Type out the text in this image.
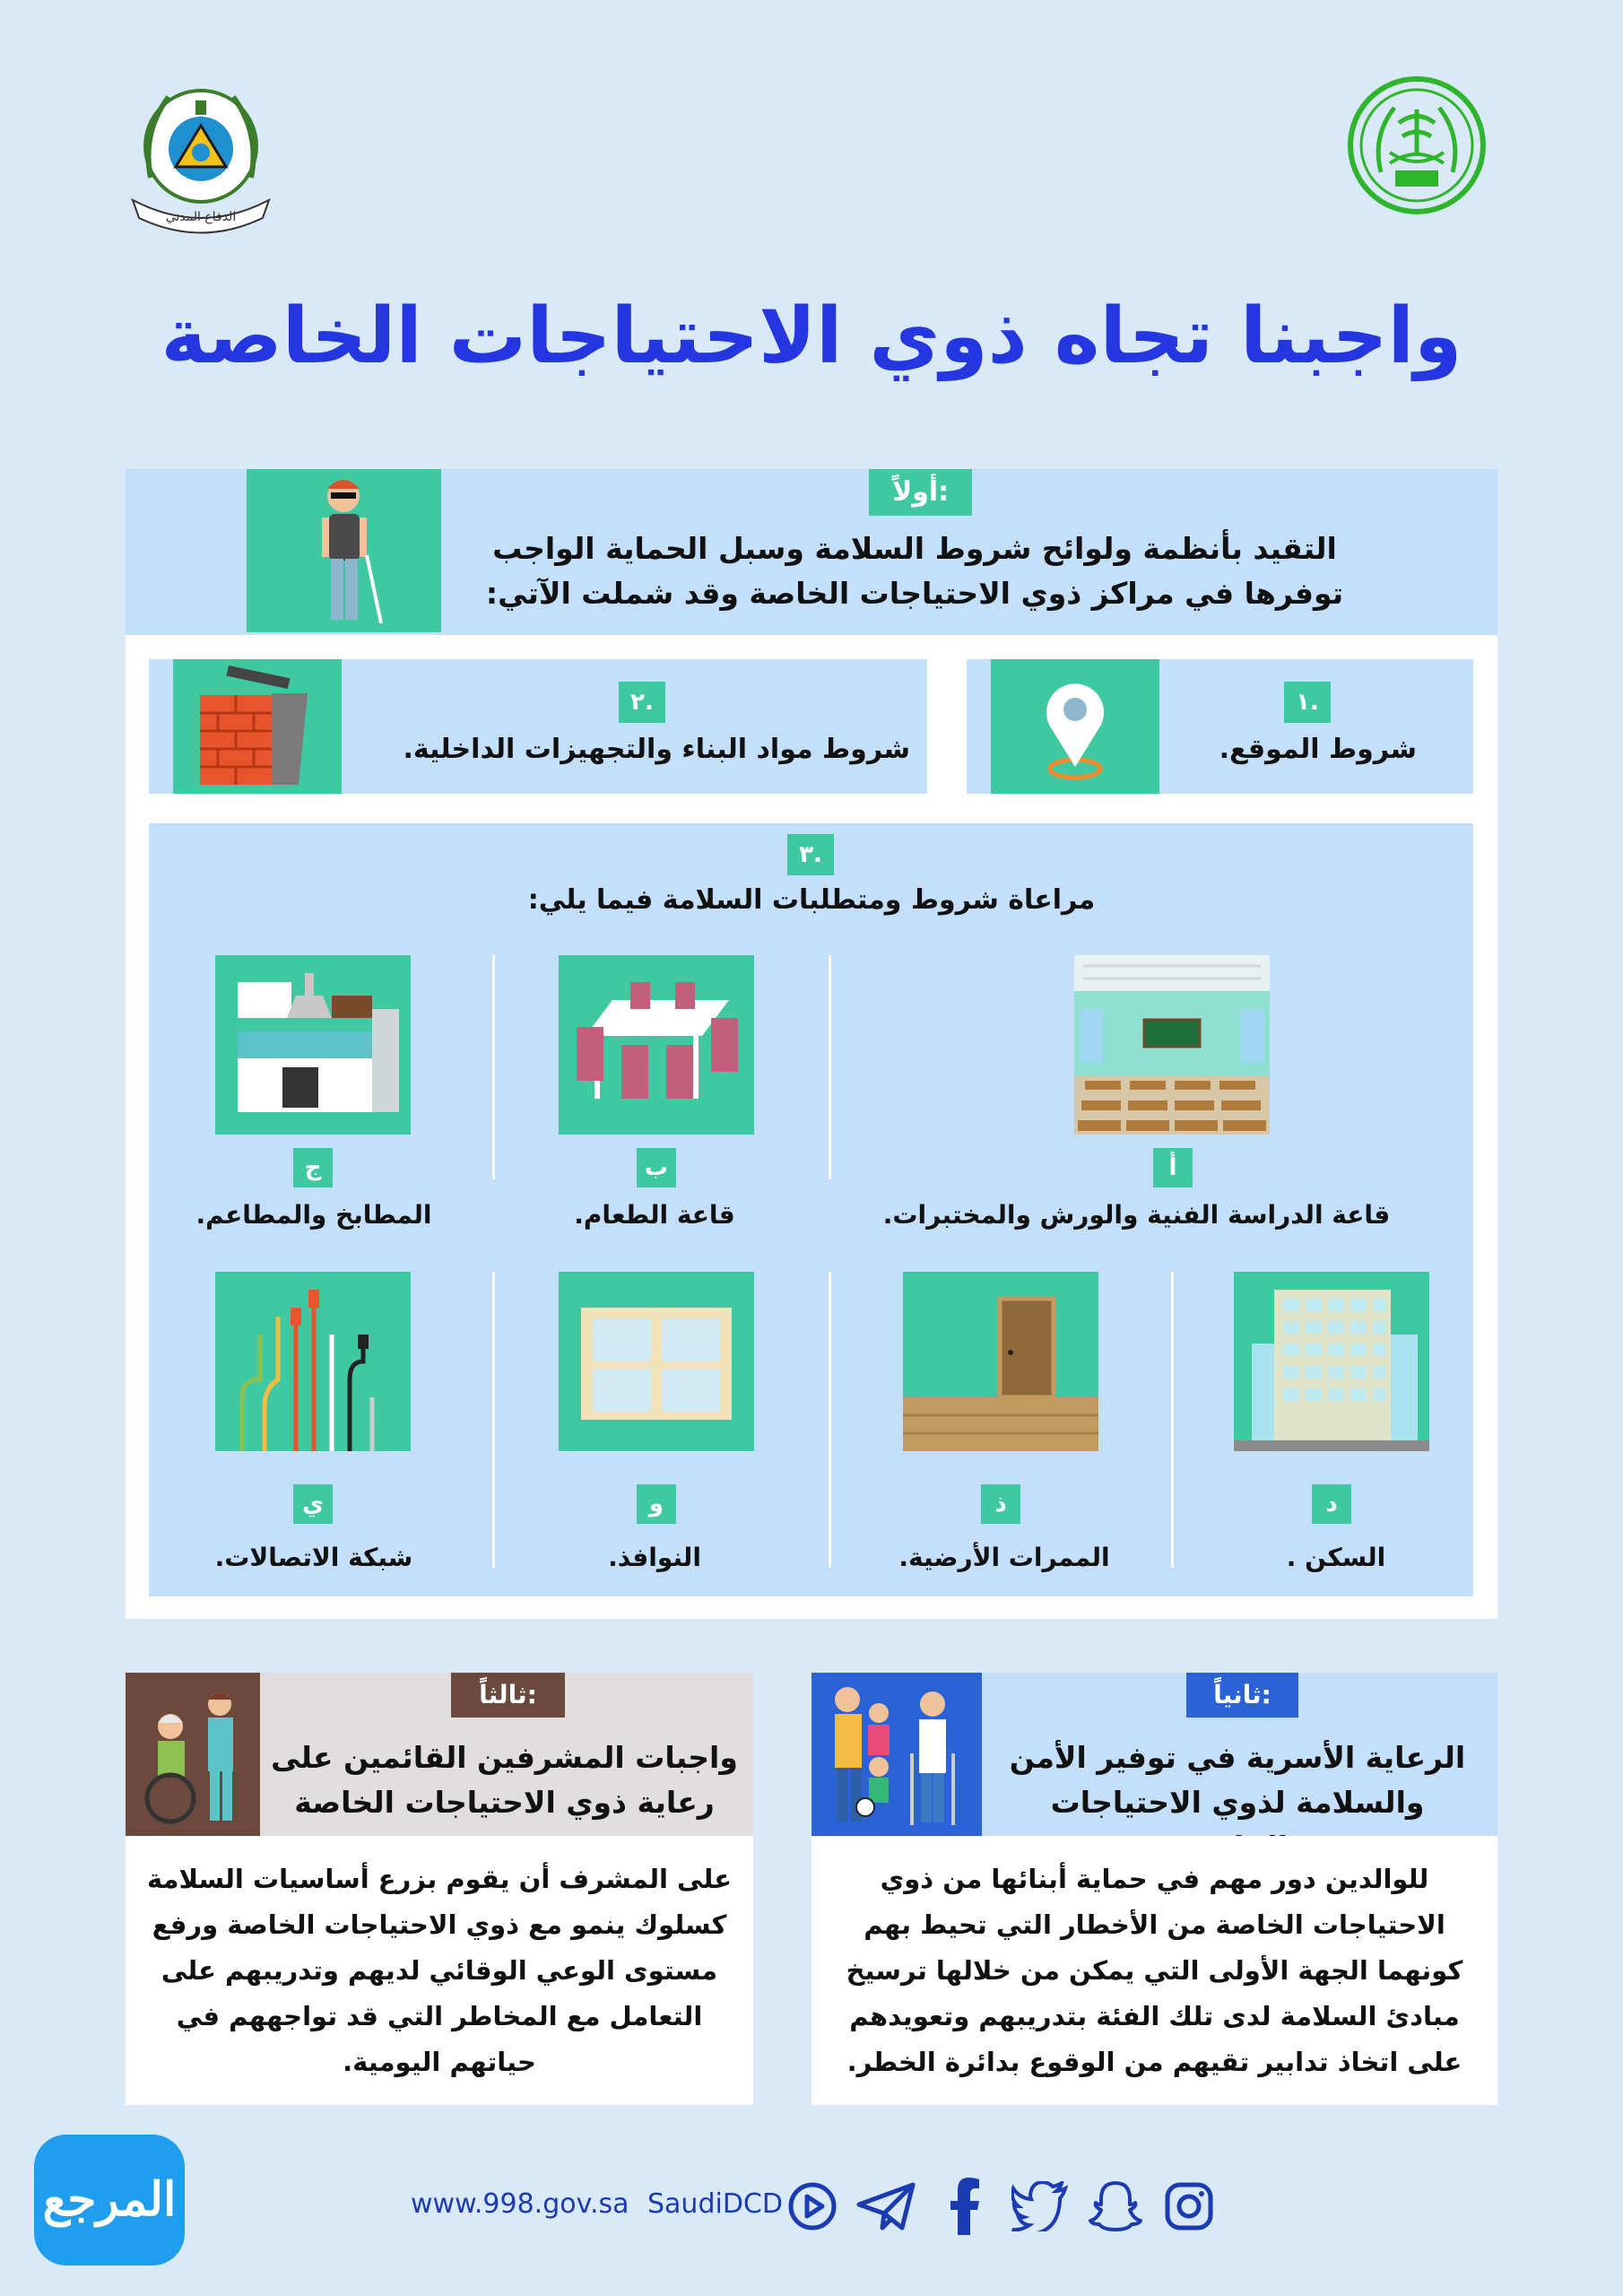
الدفاع المدني
واجبنا تجاه ذوي الاحتياجات الخاصة
أولاً:
التقيد بأنظمة ولوائح شروط السلامة وسبل الحماية الواجب
توفرها في مراكز ذوي الاحتياجات الخاصة وقد شملت الآتي:
١.
شروط الموقع.
٢.
شروط مواد البناء والتجهيزات الداخلية.
٣.
مراعاة شروط ومتطلبات السلامة فيما يلي:
أ
ب
ج
قاعة الدراسة الفنية والورش والمختبرات.
قاعة الطعام.
المطابخ والمطاعم.
د
ذ
و
ي
السكن .
الممرات الأرضية.
النوافذ.
شبكة الاتصالات.
ثانياً:
الرعاية الأسرية في توفير الأمن
والسلامة لذوي الاحتياجات
للوالدين دور مهم في حماية أبنائها من ذوي
الاحتياجات الخاصة من الأخطار التي تحيط بهم
كونهما الجهة الأولى التي يمكن من خلالها ترسيخ
مبادئ السلامة لدى تلك الفئة بتدريبهم وتعويدهم
على اتخاذ تدابير تقيهم من الوقوع بدائرة الخطر.
ثالثاً:
واجبات المشرفين القائمين على
رعاية ذوي الاحتياجات الخاصة
على المشرف أن يقوم بزرع أساسيات السلامة
كسلوك ينمو مع ذوي الاحتياجات الخاصة ورفع
مستوى الوعي الوقائي لديهم وتدريبهم على
التعامل مع المخاطر التي قد تواجههم في
حياتهم اليومية.
المرجع	www.998.gov.sa SaudiDCD
